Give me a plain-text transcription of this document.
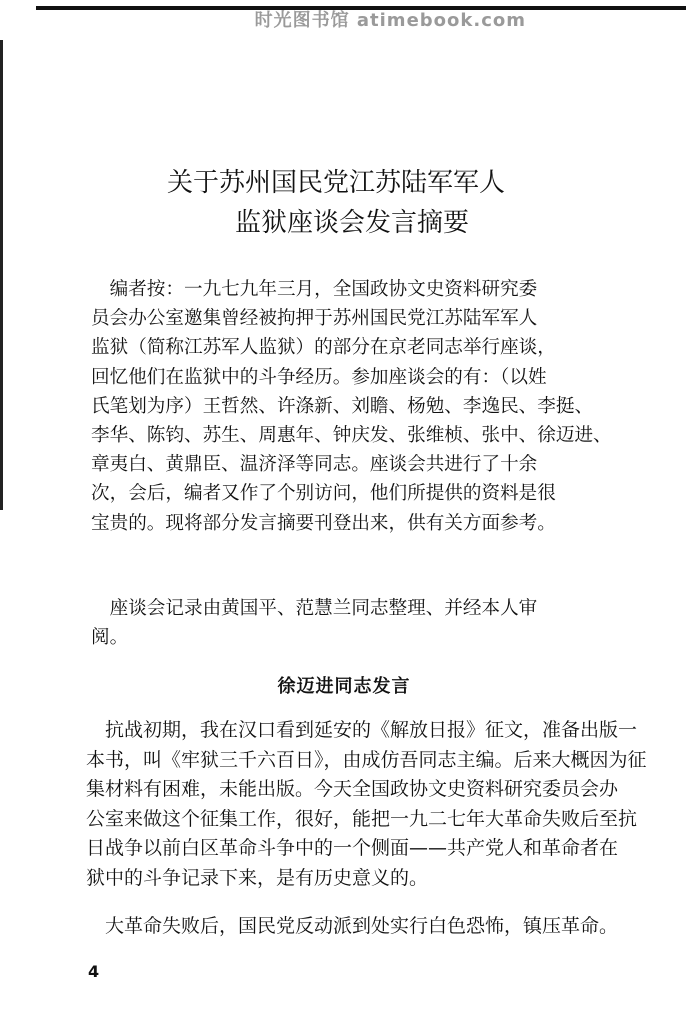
时光图书馆 atimebook.com
关于苏州国民党江苏陆军军人
监狱座谈会发言摘要
　编者按：一九七九年三月，全国政协文史资料研究委
员会办公室邀集曾经被拘押于苏州国民党江苏陆军军人
监狱（简称江苏军人监狱）的部分在京老同志举行座谈，
回忆他们在监狱中的斗争经历。参加座谈会的有：（以姓
氏笔划为序）王哲然、许涤新、刘瞻、杨勉、李逸民、李挺、
李华、陈钧、苏生、周惠年、钟庆发、张维桢、张中、徐迈进、
章夷白、黄鼎臣、温济泽等同志。座谈会共进行了十余
次，会后，编者又作了个别访问，他们所提供的资料是很
宝贵的。现将部分发言摘要刊登出来，供有关方面参考。
　座谈会记录由黄国平、范慧兰同志整理、并经本人审
阅。
徐迈进同志发言
　抗战初期，我在汉口看到延安的《解放日报》征文，准备出版一
本书，叫《牢狱三千六百日》，由成仿吾同志主编。后来大概因为征
集材料有困难，未能出版。今天全国政协文史资料研究委员会办
公室来做这个征集工作，很好，能把一九二七年大革命失败后至抗
日战争以前白区革命斗争中的一个侧面——共产党人和革命者在
狱中的斗争记录下来，是有历史意义的。
　大革命失败后，国民党反动派到处实行白色恐怖，镇压革命。
4
